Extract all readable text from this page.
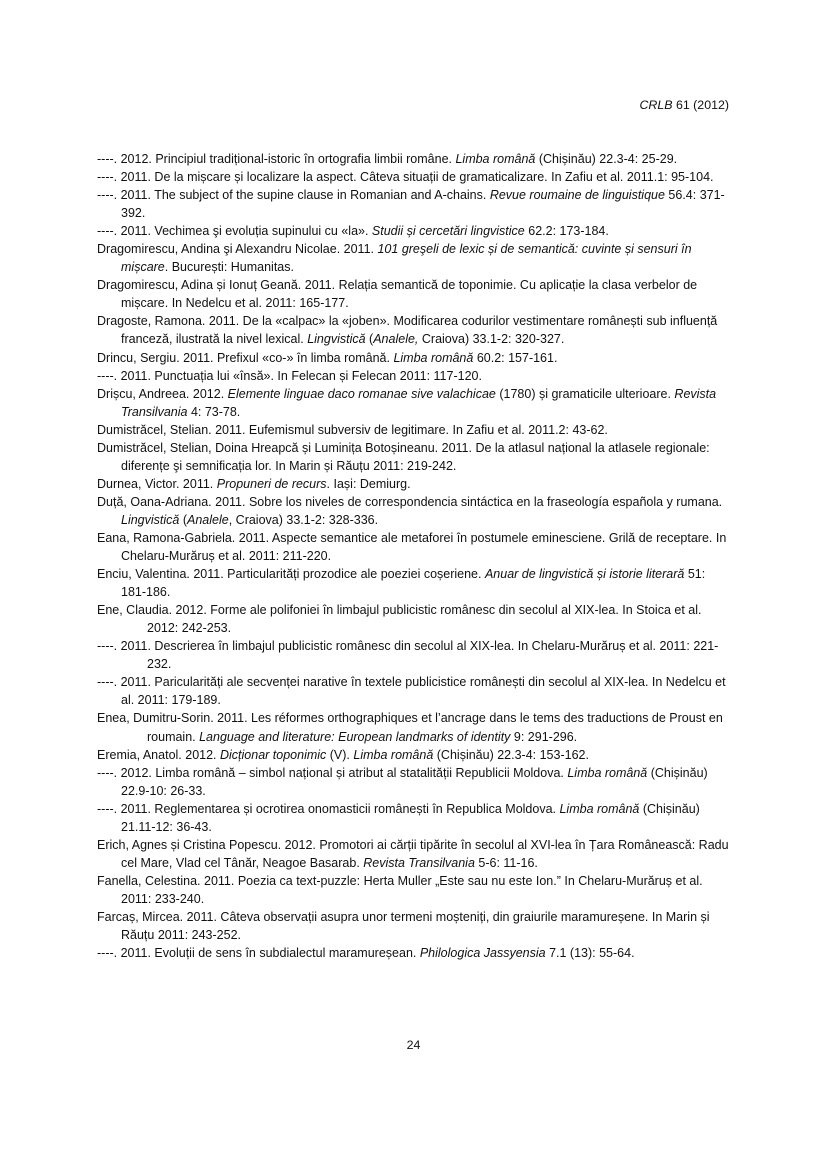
CRLB 61 (2012)
----. 2012. Principiul tradițional-istoric în ortografia limbii române. Limba română (Chișinău) 22.3-4: 25-29.
----. 2011. De la mișcare și localizare la aspect. Câteva situații de gramaticalizare. In Zafiu et al. 2011.1: 95-104.
----. 2011. The subject of the supine clause in Romanian and A-chains. Revue roumaine de linguistique 56.4: 371-392.
----. 2011. Vechimea şi evoluția supinului cu «la». Studii și cercetări lingvistice 62.2: 173-184.
Dragomirescu, Andina şi Alexandru Nicolae. 2011. 101 greşeli de lexic și de semantică: cuvinte și sensuri în mișcare. București: Humanitas.
Dragomirescu, Adina și Ionuț Geană. 2011. Relația semantică de toponimie. Cu aplicație la clasa verbelor de mișcare. In Nedelcu et al. 2011: 165-177.
Dragoste, Ramona. 2011. De la «calpac» la «joben». Modificarea codurilor vestimentare românești sub influență franceză, ilustrată la nivel lexical. Lingvistică (Analele, Craiova) 33.1-2: 320-327.
Drincu, Sergiu. 2011. Prefixul «co-» în limba română. Limba română 60.2: 157-161.
----. 2011. Punctuația lui «însă». In Felecan și Felecan 2011: 117-120.
Drișcu, Andreea. 2012. Elementе linguae daco romanae sive valachicae (1780) și gramaticile ulterioare. Revista Transilvania 4: 73-78.
Dumistrăcel, Stelian. 2011. Eufemismul subversiv de legitimare. In Zafiu et al. 2011.2: 43-62.
Dumistrăcel, Stelian, Doina Hreapcă și Luminița Botoșineanu. 2011. De la atlasul național la atlasele regionale: diferențe şi semnificația lor. In Marin și Răuțu 2011: 219-242.
Durnea, Victor. 2011. Propuneri de recurs. Iași: Demiurg.
Duță, Oana-Adriana. 2011. Sobre los niveles de correspondencia sintáctica en la fraseología española y rumana. Lingvistică (Analele, Craiova) 33.1-2: 328-336.
Eana, Ramona-Gabriela. 2011. Aspecte semantice ale metaforei în postumele eminesciene. Grilă de receptare. In Chelaru-Murăruș et al. 2011: 211-220.
Enciu, Valentina. 2011. Particularități prozodice ale poeziei coșeriene. Anuar de lingvistică și istorie literară 51: 181-186.
Ene, Claudia. 2012. Forme ale polifoniei în limbajul publicistic românesc din secolul al XIX-lea. In Stoica et al. 2012: 242-253.
----. 2011. Descrierea în limbajul publicistic românesc din secolul al XIX-lea. In Chelaru-Murăruș et al. 2011: 221-232.
----. 2011. Paricularități ale secvenței narative în textele publicistice românești din secolul al XIX-lea. In Nedelcu et al. 2011: 179-189.
Enea, Dumitru-Sorin. 2011. Les réformes orthographiques et l’ancrage dans le tems des traductions de Proust en roumain. Language and literature: European landmarks of identity 9: 291-296.
Eremia, Anatol. 2012. Dicționar toponimic (V). Limba română (Chișinău) 22.3-4: 153-162.
----. 2012. Limba română – simbol național și atribut al statalității Republicii Moldova. Limba română (Chișinău) 22.9-10: 26-33.
----. 2011. Reglementarea și ocrotirea onomasticii românești în Republica Moldova. Limba română (Chișinău) 21.11-12: 36-43.
Erich, Agnes și Cristina Popescu. 2012. Promotori ai cărții tipărite în secolul al XVI-lea în Țara Românească: Radu cel Mare, Vlad cel Tânăr, Neagoe Basarab. Revista Transilvania 5-6: 11-16.
Fanella, Celestina. 2011. Poezia ca text-puzzle: Herta Muller „Este sau nu este Ion.” In Chelaru-Murăruș et al. 2011: 233-240.
Farcaș, Mircea. 2011. Câteva observații asupra unor termeni moșteniți, din graiurile maramureșene. In Marin și Răuțu 2011: 243-252.
----. 2011. Evoluții de sens în subdialectul maramureșean. Philologica Jassyensia 7.1 (13): 55-64.
24
